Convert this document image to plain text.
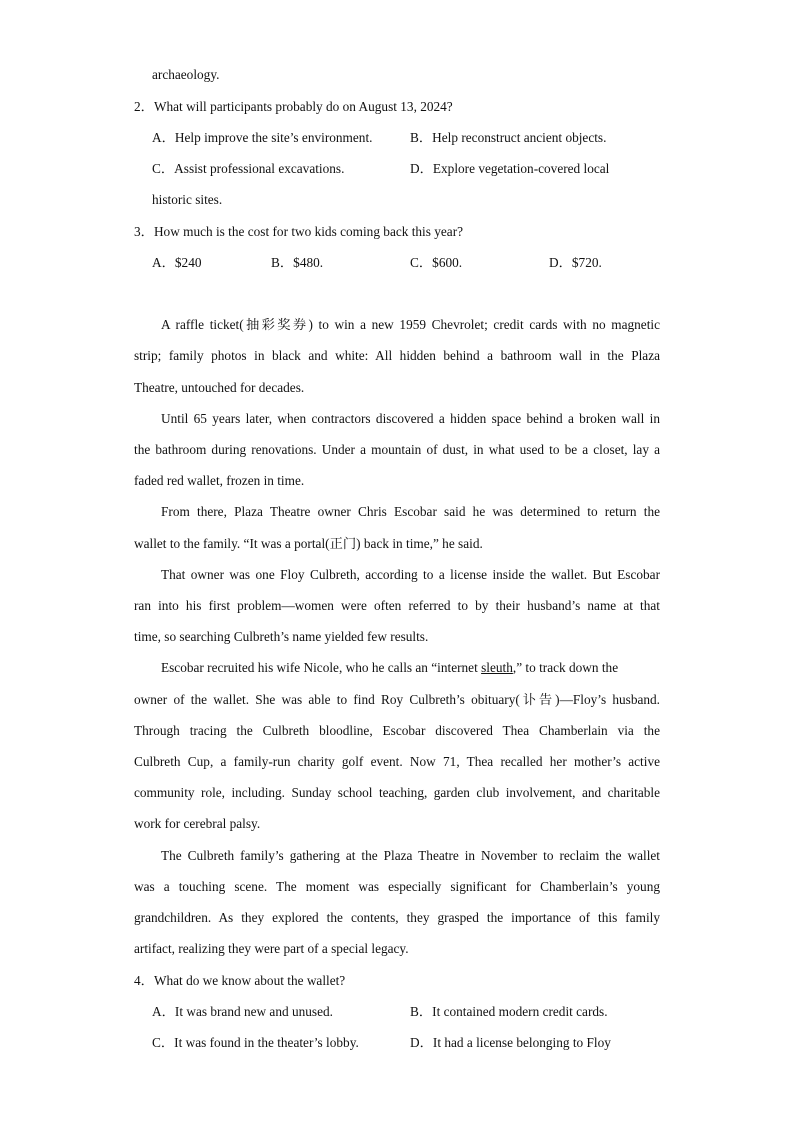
archaeology.
2．What will participants probably do on August 13, 2024?
A．Help improve the site’s environment.	B．Help reconstruct ancient objects.
C．Assist professional excavations.	D．Explore vegetation-covered local
historic sites.
3．How much is the cost for two kids coming back this year?
A．$240	B．$480.	C．$600.	D．$720.
A raffle ticket(抽彩奖券) to win a new 1959 Chevrolet; credit cards with no magnetic
strip; family photos in black and white: All hidden behind a bathroom wall in the Plaza
Theatre, untouched for decades.
Until 65 years later, when contractors discovered a hidden space behind a broken wall in
the bathroom during renovations. Under a mountain of dust, in what used to be a closet, lay a
faded red wallet, frozen in time.
From there, Plaza Theatre owner Chris Escobar said he was determined to return the
wallet to the family. “It was a portal(正门) back in time,” he said.
That owner was one Floy Culbreth, according to a license inside the wallet. But Escobar
ran into his first problem—women were often referred to by their husband’s name at that
time, so searching Culbreth’s name yielded few results.
Escobar recruited his wife Nicole, who he calls an “internet sleuth,” to track down the
owner of the wallet. She was able to find Roy Culbreth’s obituary(讣告)—Floy’s husband.
Through tracing the Culbreth bloodline, Escobar discovered Thea Chamberlain via the
Culbreth Cup, a family-run charity golf event. Now 71, Thea recalled her mother’s active
community role, including. Sunday school teaching, garden club involvement, and charitable
work for cerebral palsy.
The Culbreth family’s gathering at the Plaza Theatre in November to reclaim the wallet
was a touching scene. The moment was especially significant for Chamberlain’s young
grandchildren. As they explored the contents, they grasped the importance of this family
artifact, realizing they were part of a special legacy.
4．What do we know about the wallet?
A．It was brand new and unused.	B．It contained modern credit cards.
C．It was found in the theater’s lobby.	D．It had a license belonging to Floy
